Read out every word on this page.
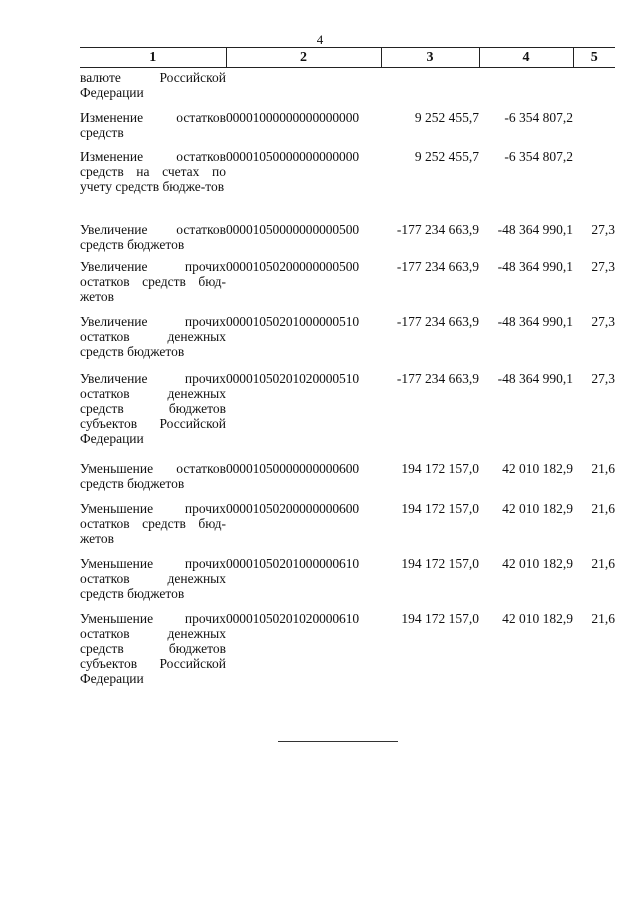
4
1	2	3	4	5
валюте Российской Федерации				
Изменение остатков средств	00001000000000000000	9 252 455,7	-6 354 807,2	
Изменение остатков средств на счетах по учету средств бюдже-тов	00001050000000000000	9 252 455,7	-6 354 807,2	
Увеличение остатков средств бюджетов	00001050000000000500	-177 234 663,9	-48 364 990,1	27,3
Увеличение прочих остатков средств бюд-жетов	00001050200000000500	-177 234 663,9	-48 364 990,1	27,3
Увеличение прочих остатков денежных средств бюджетов	00001050201000000510	-177 234 663,9	-48 364 990,1	27,3
Увеличение прочих остатков денежных средств бюджетов субъектов Российской Федерации	00001050201020000510	-177 234 663,9	-48 364 990,1	27,3
Уменьшение остатков средств бюджетов	00001050000000000600	194 172 157,0	42 010 182,9	21,6
Уменьшение прочих остатков средств бюд-жетов	00001050200000000600	194 172 157,0	42 010 182,9	21,6
Уменьшение прочих остатков денежных средств бюджетов	00001050201000000610	194 172 157,0	42 010 182,9	21,6
Уменьшение прочих остатков денежных средств бюджетов субъектов Российской Федерации	00001050201020000610	194 172 157,0	42 010 182,9	21,6
